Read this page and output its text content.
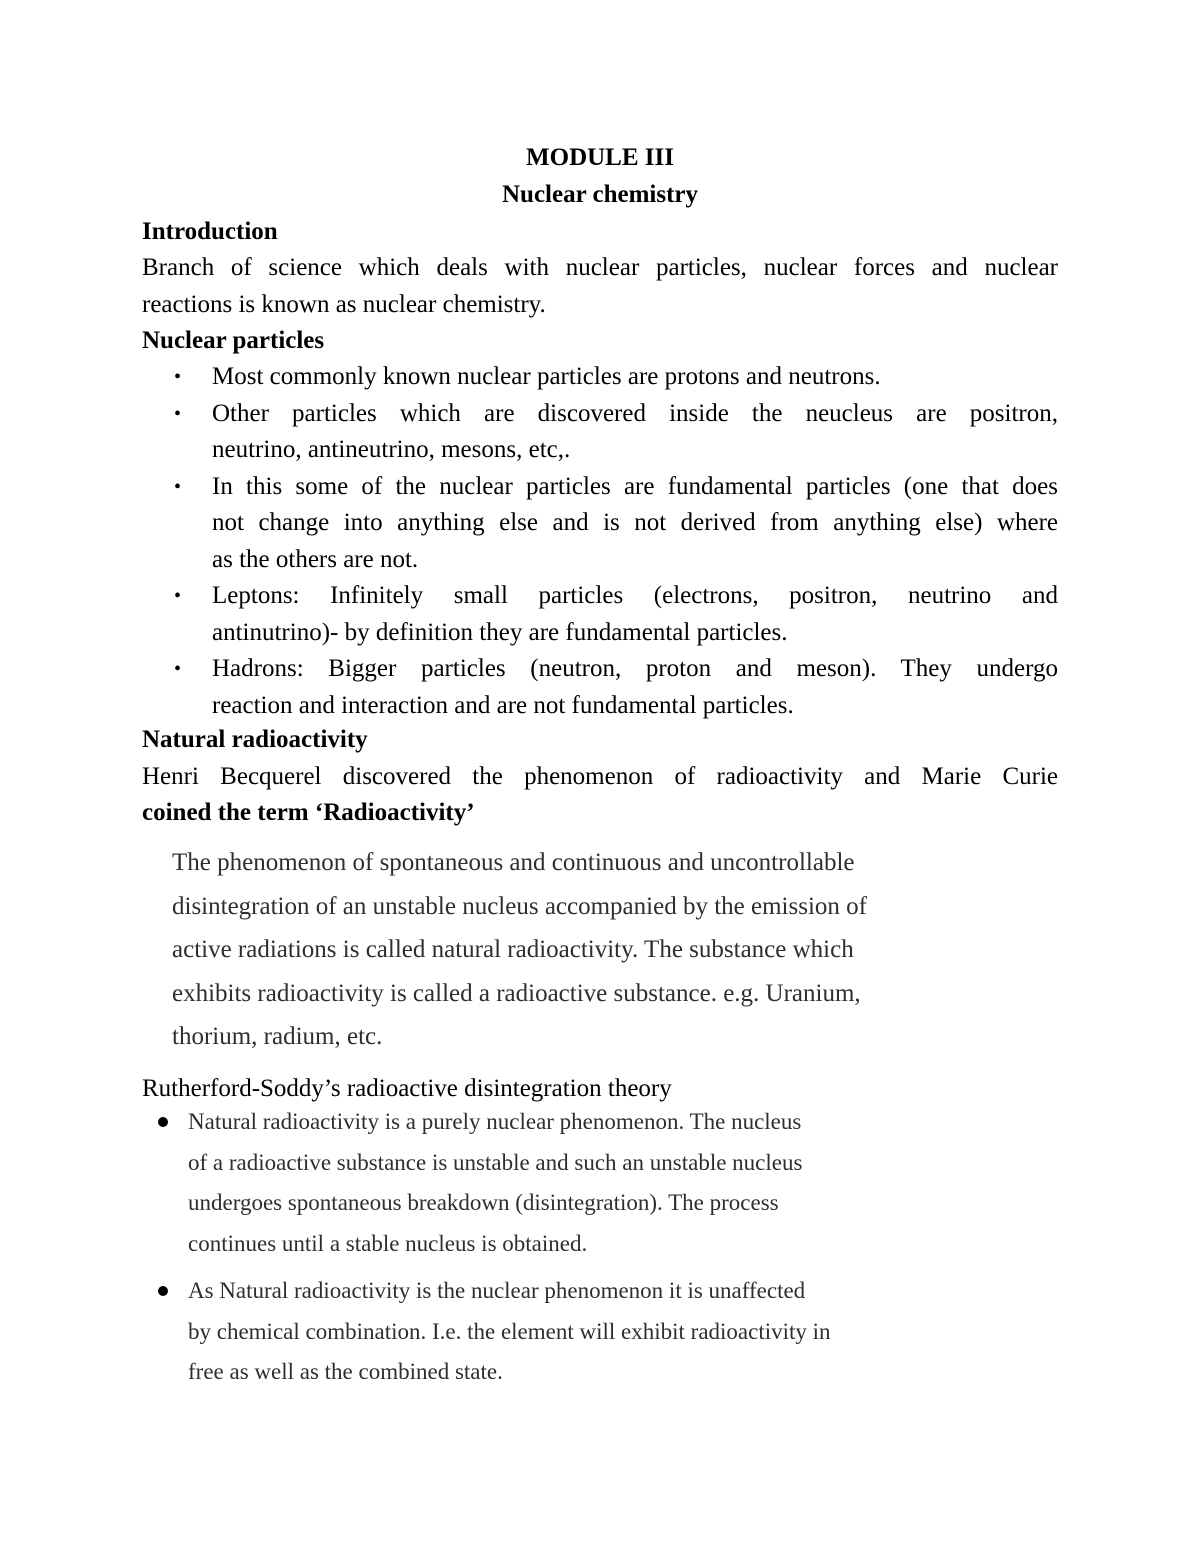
MODULE III
Nuclear chemistry
Introduction
Branch of science which deals with nuclear particles, nuclear forces and nuclear
reactions is known as nuclear chemistry.
Nuclear particles
• Most commonly known nuclear particles are protons and neutrons.
• Other particles which are discovered inside the neucleus are positron,
neutrino, antineutrino, mesons, etc,.
• In this some of the nuclear particles are fundamental particles (one that does
not change into anything else and is not derived from anything else) where
as the others are not.
• Leptons: Infinitely small particles (electrons, positron, neutrino and
antinutrino)- by definition they are fundamental particles.
• Hadrons: Bigger particles (neutron, proton and meson). They undergo
reaction and interaction and are not fundamental particles.
Natural radioactivity
Henri Becquerel discovered the phenomenon of radioactivity and Marie Curie
coined the term ‘Radioactivity’
The phenomenon of spontaneous and continuous and uncontrollable
disintegration of an unstable nucleus accompanied by the emission of
active radiations is called natural radioactivity. The substance which
exhibits radioactivity is called a radioactive substance. e.g. Uranium,
thorium, radium, etc.
Rutherford-Soddy’s radioactive disintegration theory
Natural radioactivity is a purely nuclear phenomenon. The nucleus
of a radioactive substance is unstable and such an unstable nucleus
undergoes spontaneous breakdown (disintegration). The process
continues until a stable nucleus is obtained.
As Natural radioactivity is the nuclear phenomenon it is unaffected
by chemical combination. I.e. the element will exhibit radioactivity in
free as well as the combined state.
